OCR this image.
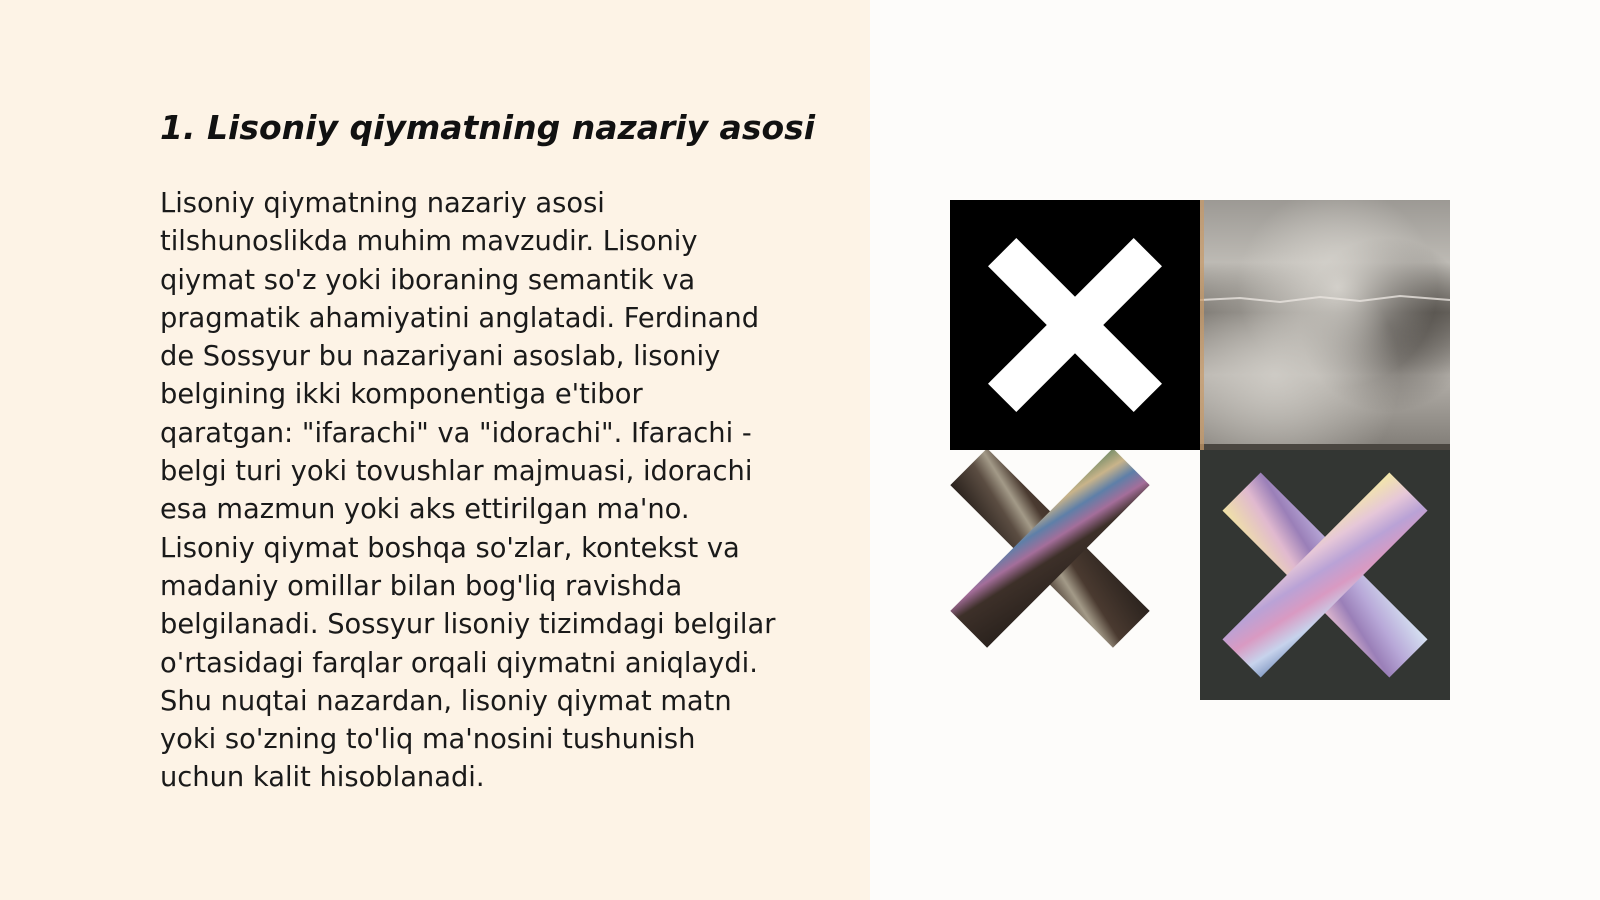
1. Lisoniy qiymatning nazariy asosi
Lisoniy qiymatning nazariy asosi
tilshunoslikda muhim mavzudir. Lisoniy
qiymat so'z yoki iboraning semantik va
pragmatik ahamiyatini anglatadi. Ferdinand
de Sossyur bu nazariyani asoslab, lisoniy
belgining ikki komponentiga e'tibor
qaratgan: "ifarachi" va "idorachi". Ifarachi -
belgi turi yoki tovushlar majmuasi, idorachi
esa mazmun yoki aks ettirilgan ma'no.
Lisoniy qiymat boshqa so'zlar, kontekst va
madaniy omillar bilan bog'liq ravishda
belgilanadi. Sossyur lisoniy tizimdagi belgilar
o'rtasidagi farqlar orqali qiymatni aniqlaydi.
Shu nuqtai nazardan, lisoniy qiymat matn
yoki so'zning to'liq ma'nosini tushunish
uchun kalit hisoblanadi.
